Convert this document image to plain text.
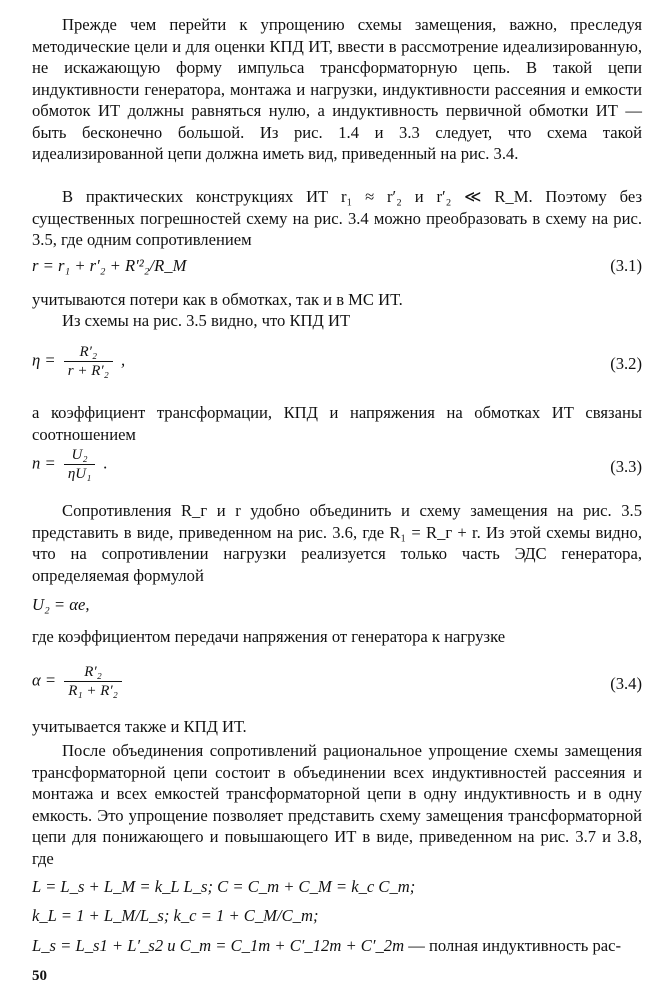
Прежде чем перейти к упрощению схемы замещения, важно, преследуя методические цели и для оценки КПД ИТ, ввести в рассмотрение идеализированную, не искажающую форму импульса трансформаторную цепь. В такой цепи индуктивности генератора, монтажа и нагрузки, индуктивности рассеяния и емкости обмоток ИТ должны равняться нулю, а индуктивность первичной обмотки ИТ — быть бесконечно большой. Из рис. 1.4 и 3.3 следует, что схема такой идеализированной цепи должна иметь вид, приведенный на рис. 3.4.

В практических конструкциях ИТ r₁ ≈ r′₂ и r′₂ ≪ R_М. Поэтому без существенных погрешностей схему на рис. 3.4 можно преобразовать в схему на рис. 3.5, где одним сопротивлением

r = r₁ + r′₂ + R′²₂/R_М	(3.1)

учитываются потери как в обмотках, так и в МС ИТ.

Из схемы на рис. 3.5 видно, что КПД ИТ

$\eta = \frac{\text{R′₂}}{\text{r + R′₂}}$ ,	(3.2)

а коэффициент трансформации, КПД и напряжения на обмотках ИТ связаны соотношением

$n = \frac{\text{U₂}}{\text{ηU₁}}$ .	(3.3)

Сопротивления R_г и r удобно объединить и схему замещения на рис. 3.5 представить в виде, приведенном на рис. 3.6, где R₁ = R_г + r. Из этой схемы видно, что на сопротивлении нагрузки реализуется только часть ЭДС генератора, определяемая формулой

U₂ = αe,

где коэффициентом передачи напряжения от генератора к нагрузке

$\alpha = \frac{\text{R′₂}}{\text{R₁ + R′₂}}$	(3.4)

учитывается также и КПД ИТ.

После объединения сопротивлений рациональное упрощение схемы замещения трансформаторной цепи состоит в объединении всех индуктивностей рассеяния и монтажа и всех емкостей трансформаторной цепи в одну индуктивность и в одну емкость. Это упрощение позволяет представить схему замещения трансформаторной цепи для понижающего и повышающего ИТ в виде, приведенном на рис. 3.7 и 3.8, где

L = L_s + L_М = k_L L_s; C = C_т + C_М = k_c C_т;
k_L = 1 + L_М/L_s; k_c = 1 + C_М/C_т;
L_s = L_s1 + L′_s2 и C_т = C_1т + C′_12т + C′_2т — полная индуктивность рас-
50
